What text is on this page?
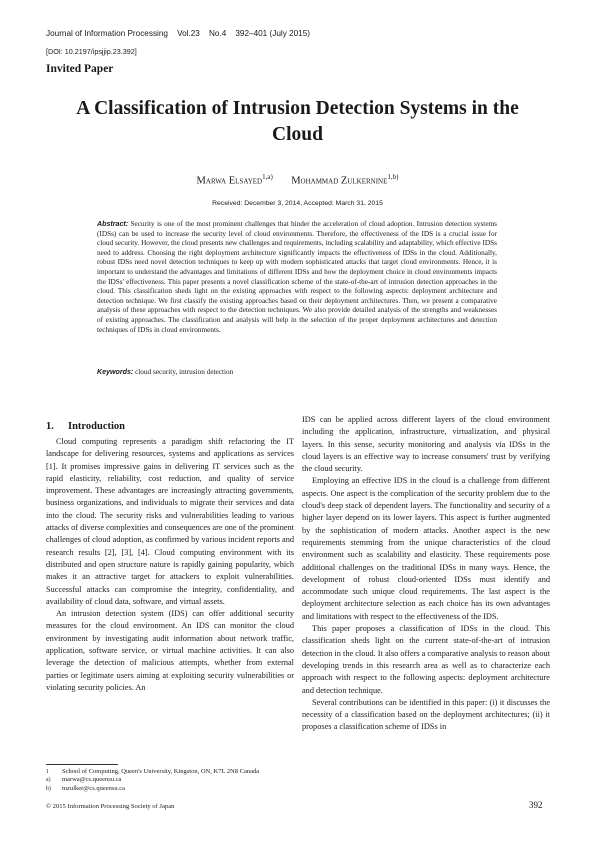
Journal of Information Processing Vol.23 No.4 392–401 (July 2015)
[DOI: 10.2197/ipsjjip.23.392]
Invited Paper
A Classification of Intrusion Detection Systems in the Cloud
Marwa Elsayed$^{1,a)}$ Mohammad Zulkernine$^{1,b)}$
Received: December 3, 2014, Accepted: March 31, 2015
Abstract: Security is one of the most prominent challenges that hinder the acceleration of cloud adoption. Intrusion detection systems (IDSs) can be used to increase the security level of cloud environments. Therefore, the effectiveness of the IDS is a crucial issue for cloud security. However, the cloud presents new challenges and requirements, including scalability and adaptability, which effective IDSs need to address. Choosing the right deployment architecture significantly impacts the effectiveness of IDSs in the cloud. Additionally, robust IDSs need novel detection techniques to keep up with modern sophisticated attacks that target cloud environments. Hence, it is important to understand the advantages and limitations of different IDSs and how the deployment choice in cloud environments impacts the IDSs' effectiveness. This paper presents a novel classification scheme of the state-of-the-art of intrusion detection approaches in the cloud. This classification sheds light on the existing approaches with respect to the following aspects: deployment architecture and detection technique. We first classify the existing approaches based on their deployment architectures. Then, we present a comparative analysis of these approaches with respect to the detection techniques. We also provide detailed analysis of the strengths and weaknesses of existing approaches. The classification and analysis will help in the selection of the proper deployment architectures and detection techniques of IDSs in cloud environments.
Keywords: cloud security, intrusion detection
1. Introduction

Cloud computing represents a paradigm shift refactoring the IT landscape for delivering resources, systems and applications as services [1]. It promises impressive gains in delivering IT services such as the rapid elasticity, reliability, cost reduction, and quality of service improvement. These advantages are increasingly attracting governments, business organizations, and individuals to migrate their services and data into the cloud. The security risks and vulnerabilities leading to various attacks of diverse complexities and consequences are one of the prominent challenges of cloud adoption, as confirmed by various incident reports and research results [2], [3], [4]. Cloud computing environment with its distributed and open structure nature is rapidly gaining popularity, which makes it an attractive target for attackers to exploit vulnerabilities. Successful attacks can compromise the integrity, confidentiality, and availability of cloud data, software, and virtual assets.

An intrusion detection system (IDS) can offer additional security measures for the cloud environment. An IDS can monitor the cloud environment by investigating audit information about network traffic, application, software service, or virtual machine activities. It can also leverage the detection of malicious attempts, whether from external parties or legitimate users aiming at exploiting security vulnerabilities or violating security policies. An

IDS can be applied across different layers of the cloud environment including the application, infrastructure, virtualization, and physical layers. In this sense, security monitoring and analysis via IDSs in the cloud layers is an effective way to increase consumers' trust by verifying the cloud security.

Employing an effective IDS in the cloud is a challenge from different aspects. One aspect is the complication of the security problem due to the cloud's deep stack of dependent layers. The functionality and security of a higher layer depend on its lower layers. This aspect is further augmented by the sophistication of modern attacks. Another aspect is the new requirements stemming from the unique characteristics of the cloud environment such as scalability and elasticity. These requirements pose additional challenges on the traditional IDSs in many ways. Hence, the development of robust cloud-oriented IDSs must identify and accommodate such unique cloud requirements. The last aspect is the deployment architecture selection as each choice has its own advantages and limitations with respect to the effectiveness of the IDS.

This paper proposes a classification of IDSs in the cloud. This classification sheds light on the current state-of-the-art of intrusion detection in the cloud. It also offers a comparative analysis to reason about developing trends in this research area as well as to characterize each approach with respect to the following aspects: deployment architecture and detection technique.

Several contributions can be identified in this paper: (i) it discusses the necessity of a classification based on the deployment architectures; (ii) it proposes a classification scheme of IDSs in

1 School of Computing, Queen's University, Kingston, ON, K7L 2N8 Canada
a) marwa@cs.queensu.ca
b) mzulker@cs.queensu.ca
© 2015 Information Processing Society of Japan	392
